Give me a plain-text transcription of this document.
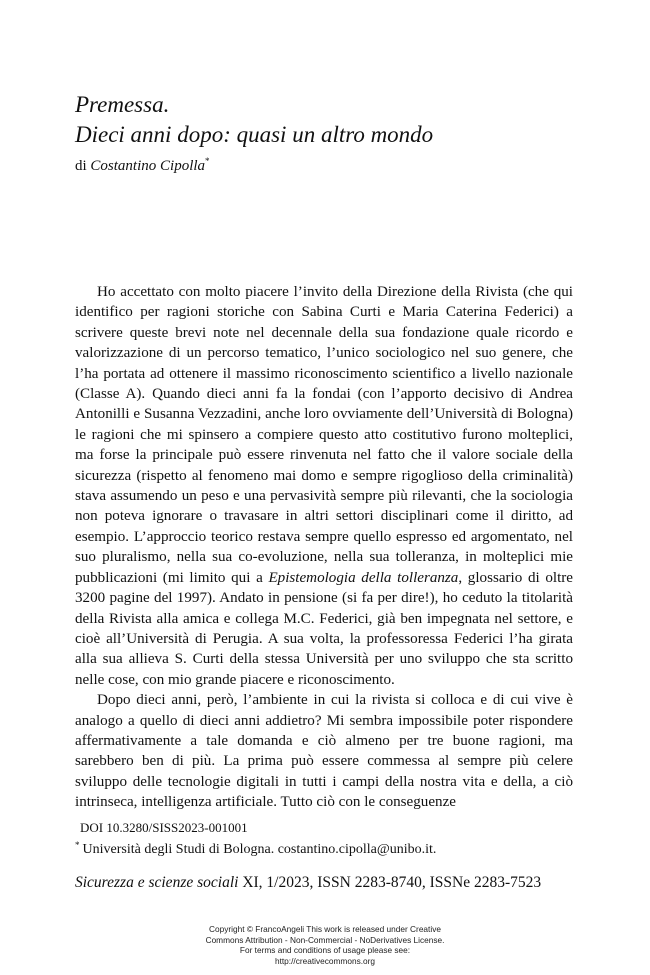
Premessa.
Dieci anni dopo: quasi un altro mondo
di Costantino Cipolla*

Ho accettato con molto piacere l’invito della Direzione della Rivista (che qui identifico per ragioni storiche con Sabina Curti e Maria Caterina Federici) a scrivere queste brevi note nel decennale della sua fondazione quale ricordo e valorizzazione di un percorso tematico, l’unico sociologico nel suo genere, che l’ha portata ad ottenere il massimo riconoscimento scientifico a livello nazionale (Classe A). Quando dieci anni fa la fondai (con l’apporto decisivo di Andrea Antonilli e Susanna Vezzadini, anche loro ovviamente dell’Università di Bologna) le ragioni che mi spinsero a compiere questo atto costitutivo furono molteplici, ma forse la principale può essere rinvenuta nel fatto che il valore sociale della sicurezza (rispetto al fenomeno mai domo e sempre rigoglioso della criminalità) stava assumendo un peso e una pervasività sempre più rilevanti, che la sociologia non poteva ignorare o travasare in altri settori disciplinari come il diritto, ad esempio. L’approccio teorico restava sempre quello espresso ed argomentato, nel suo pluralismo, nella sua co-evoluzione, nella sua tolleranza, in molteplici mie pubblicazioni (mi limito qui a Epistemologia della tolleranza, glossario di oltre 3200 pagine del 1997). Andato in pensione (si fa per dire!), ho ceduto la titolarità della Rivista alla amica e collega M.C. Federici, già ben impegnata nel settore, e cioè all’Università di Perugia. A sua volta, la professoressa Federici l’ha girata alla sua allieva S. Curti della stessa Università per uno sviluppo che sta scritto nelle cose, con mio grande piacere e riconoscimento.

Dopo dieci anni, però, l’ambiente in cui la rivista si colloca e di cui vive è analogo a quello di dieci anni addietro? Mi sembra impossibile poter rispondere affermativamente a tale domanda e ciò almeno per tre buone ragioni, ma sarebbero ben di più. La prima può essere commessa al sempre più celere sviluppo delle tecnologie digitali in tutti i campi della nostra vita e della, a ciò intrinseca, intelligenza artificiale. Tutto ciò con le conseguenze

DOI 10.3280/SISS2023-001001
* Università degli Studi di Bologna. costantino.cipolla@unibo.it.
Sicurezza e scienze sociali XI, 1/2023, ISSN 2283-8740, ISSNe 2283-7523
Copyright © FrancoAngeli This work is released under Creative
Commons Attribution - Non-Commercial - NoDerivatives License.
For terms and conditions of usage please see:
http://creativecommons.org
